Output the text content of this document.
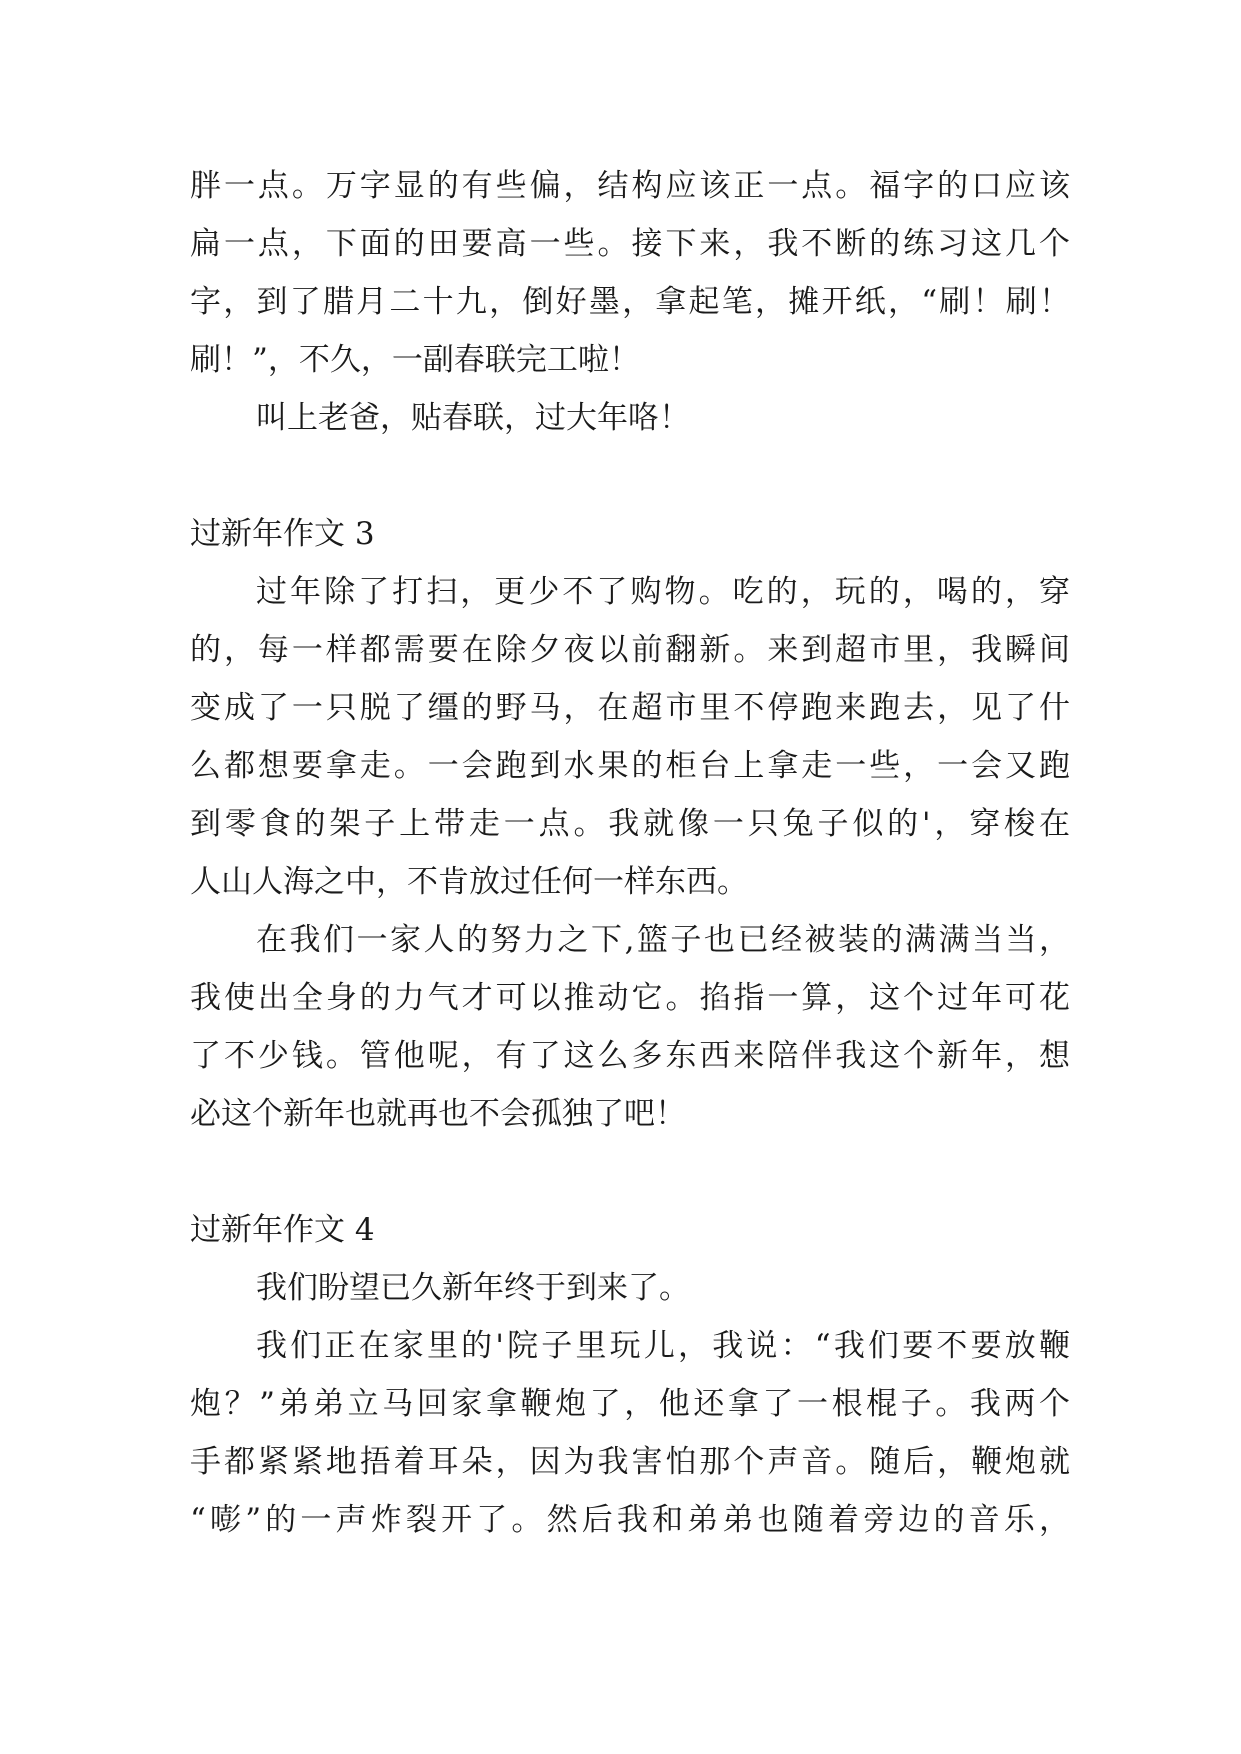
胖一点。万字显的有些偏，结构应该正一点。福字的口应该
扁一点，下面的田要高一些。接下来，我不断的练习这几个
字，到了腊月二十九，倒好墨，拿起笔，摊开纸，“刷！刷！
刷！”，不久，一副春联完工啦！
叫上老爸，贴春联，过大年咯！
过新年作文 3
过年除了打扫，更少不了购物。吃的，玩的，喝的，穿
的，每一样都需要在除夕夜以前翻新。来到超市里，我瞬间
变成了一只脱了缰的野马，在超市里不停跑来跑去，见了什
么都想要拿走。一会跑到水果的柜台上拿走一些，一会又跑
到零食的架子上带走一点。我就像一只兔子似的'，穿梭在
人山人海之中，不肯放过任何一样东西。
在我们一家人的努力之下,篮子也已经被装的满满当当，
我使出全身的力气才可以推动它。掐指一算，这个过年可花
了不少钱。管他呢，有了这么多东西来陪伴我这个新年，想
必这个新年也就再也不会孤独了吧！
过新年作文 4
我们盼望已久新年终于到来了。
我们正在家里的'院子里玩儿，我说：“我们要不要放鞭
炮？”弟弟立马回家拿鞭炮了，他还拿了一根棍子。我两个
手都紧紧地捂着耳朵，因为我害怕那个声音。随后，鞭炮就
“嘭”的一声炸裂开了。然后我和弟弟也随着旁边的音乐，
